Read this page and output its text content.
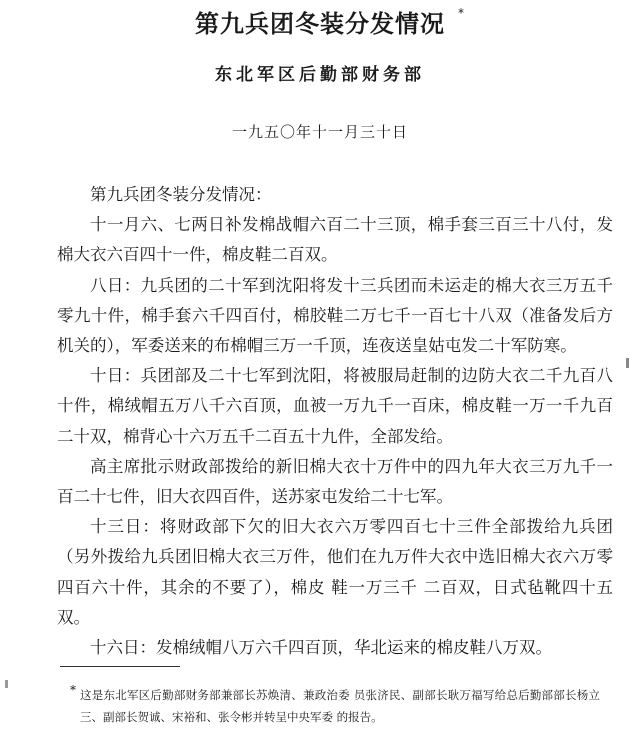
第九兵团冬装分发情况	*
东北军区后勤部财务部
一九五〇年十一月三十日

第九兵团冬装分发情况：

十一月六、七两日补发棉战帽六百二十三顶，棉手套三百三十八付，发棉大衣六百四十一件，棉皮鞋二百双。

八日：九兵团的二十军到沈阳将发十三兵团而未运走的棉大衣三万五千零九十件，棉手套六千四百付，棉胶鞋二万七千一百七十八双（准备发后方机关的），军委送来的布棉帽三万一千顶，连夜送皇姑屯发二十军防寒。

十日：兵团部及二十七军到沈阳，将被服局赶制的边防大衣二千九百八十件，棉绒帽五万八千六百顶，血被一万九千一百床，棉皮鞋一万一千九百二十双，棉背心十六万五千二百五十九件，全部发给。

高主席批示财政部拨给的新旧棉大衣十万件中的四九年大衣三万九千一百二十七件，旧大衣四百件，送苏家屯发给二十七军。

十三日：将财政部下欠的旧大衣六万零四百七十三件全部拨给九兵团（另外拨给九兵团旧棉大衣三万件，他们在九万件大衣中选旧棉大衣六万零四百六十件，其余的不要了），棉皮 鞋一万三千 二百双，日式毡靴四十五双。

十六日：发棉绒帽八万六千四百顶，华北运来的棉皮鞋八万双。

* 这是东北军区后勤部财务部兼部长苏焕清、兼政治委 员张济民、副部长耿万福写给总后勤部部长杨立三、副部长贺诚、宋裕和、张令彬并转呈中央军委 的报告。
